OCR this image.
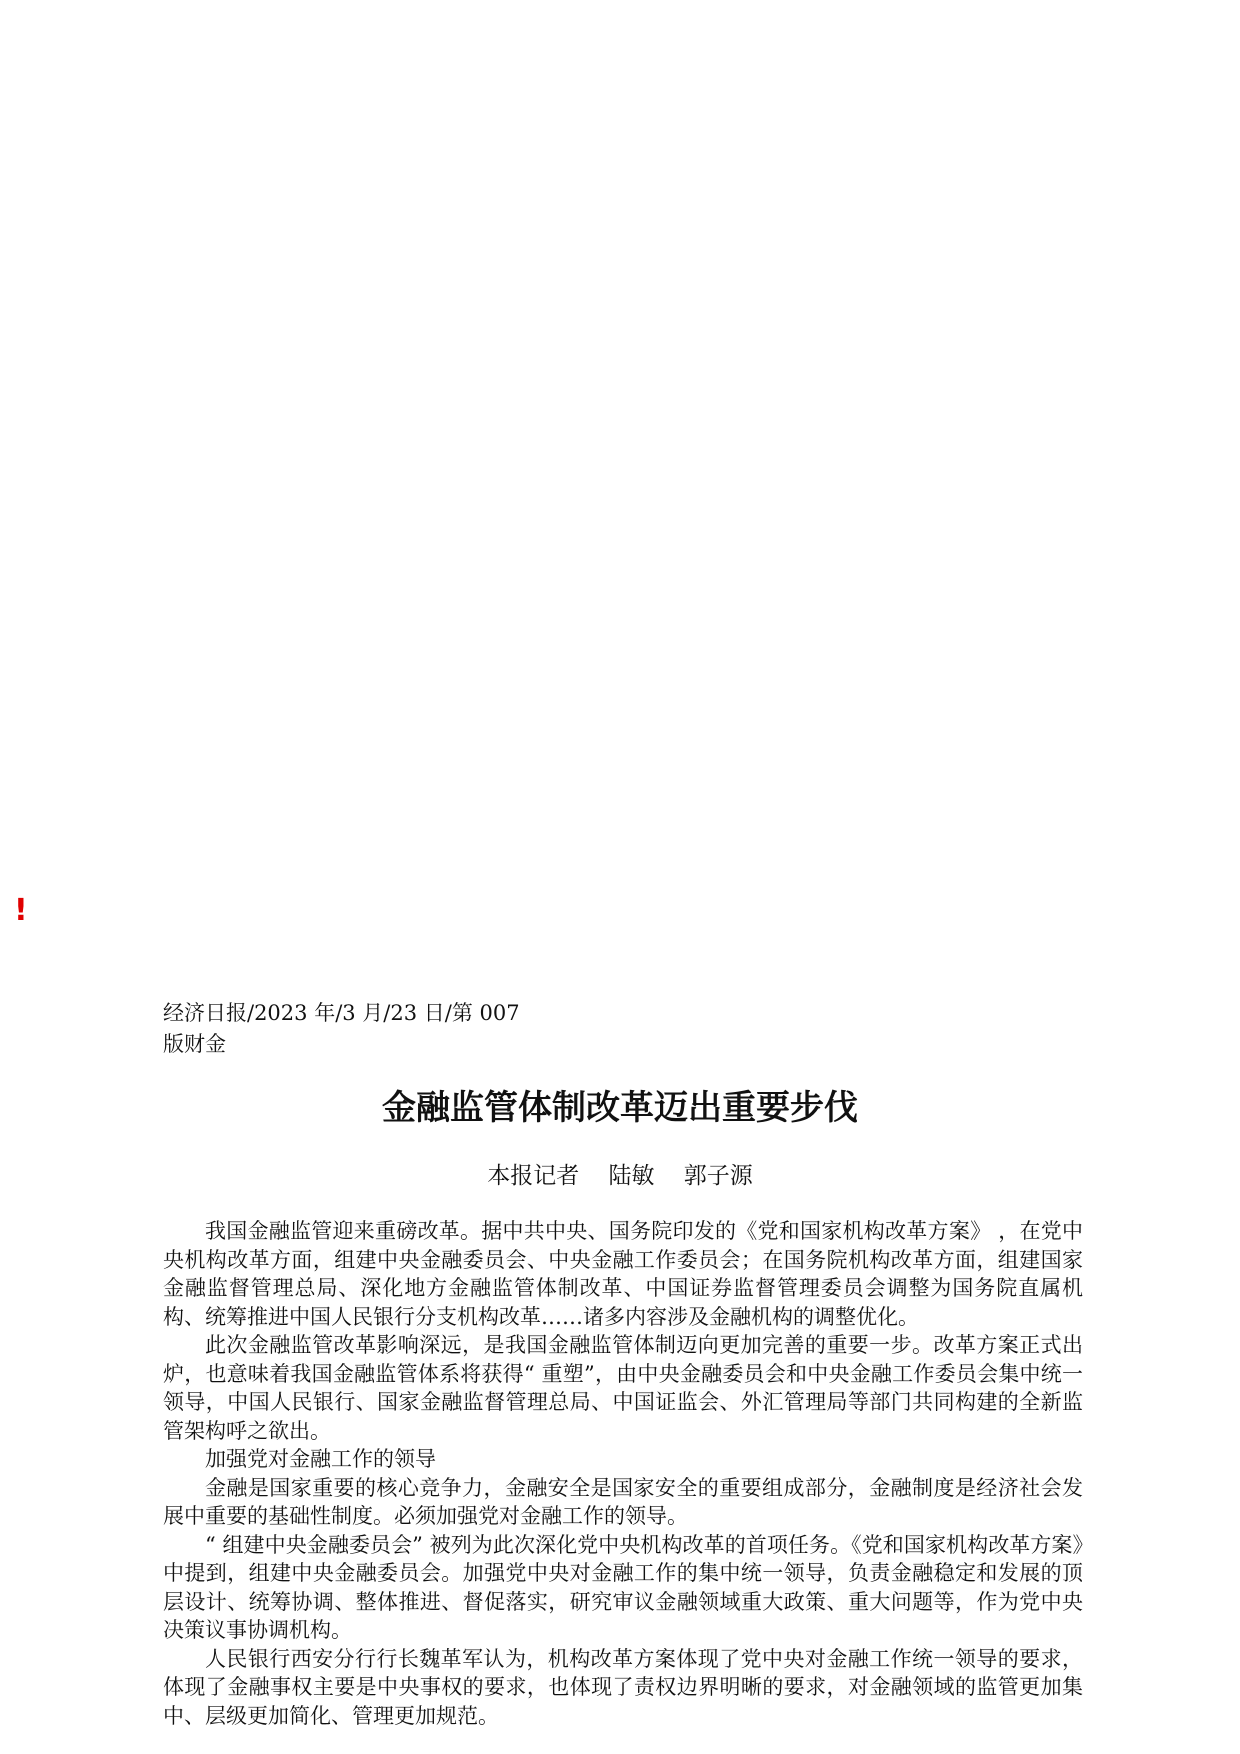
!
经济日报/2023 年/3 月/23 日/第 007
版财金
金融监管体制改革迈出重要步伐
本报记者    陆敏    郭子源

我国金融监管迎来重磅改革。据中共中央、国务院印发的《党和国家机构改革方案》 ，在党中央机构改革方面，组建中央金融委员会、中央金融工作委员会；在国务院机构改革方面，组建国家金融监督管理总局、深化地方金融监管体制改革、中国证券监督管理委员会调整为国务院直属机构、统筹推进中国人民银行分支机构改革……诸多内容涉及金融机构的调整优化。

此次金融监管改革影响深远，是我国金融监管体制迈向更加完善的重要一步。改革方案正式出炉，也意味着我国金融监管体系将获得“ 重塑”，由中央金融委员会和中央金融工作委员会集中统一领导，中国人民银行、国家金融监督管理总局、中国证监会、外汇管理局等部门共同构建的全新监管架构呼之欲出。

加强党对金融工作的领导

金融是国家重要的核心竞争力，金融安全是国家安全的重要组成部分，金融制度是经济社会发展中重要的基础性制度。必须加强党对金融工作的领导。

“ 组建中央金融委员会” 被列为此次深化党中央机构改革的首项任务。《党和国家机构改革方案》中提到，组建中央金融委员会。加强党中央对金融工作的集中统一领导，负责金融稳定和发展的顶层设计、统筹协调、整体推进、督促落实，研究审议金融领域重大政策、重大问题等，作为党中央决策议事协调机构。

人民银行西安分行行长魏革军认为，机构改革方案体现了党中央对金融工作统一领导的要求，体现了金融事权主要是中央事权的要求，也体现了责权边界明晰的要求，对金融领域的监管更加集中、层级更加简化、管理更加规范。
